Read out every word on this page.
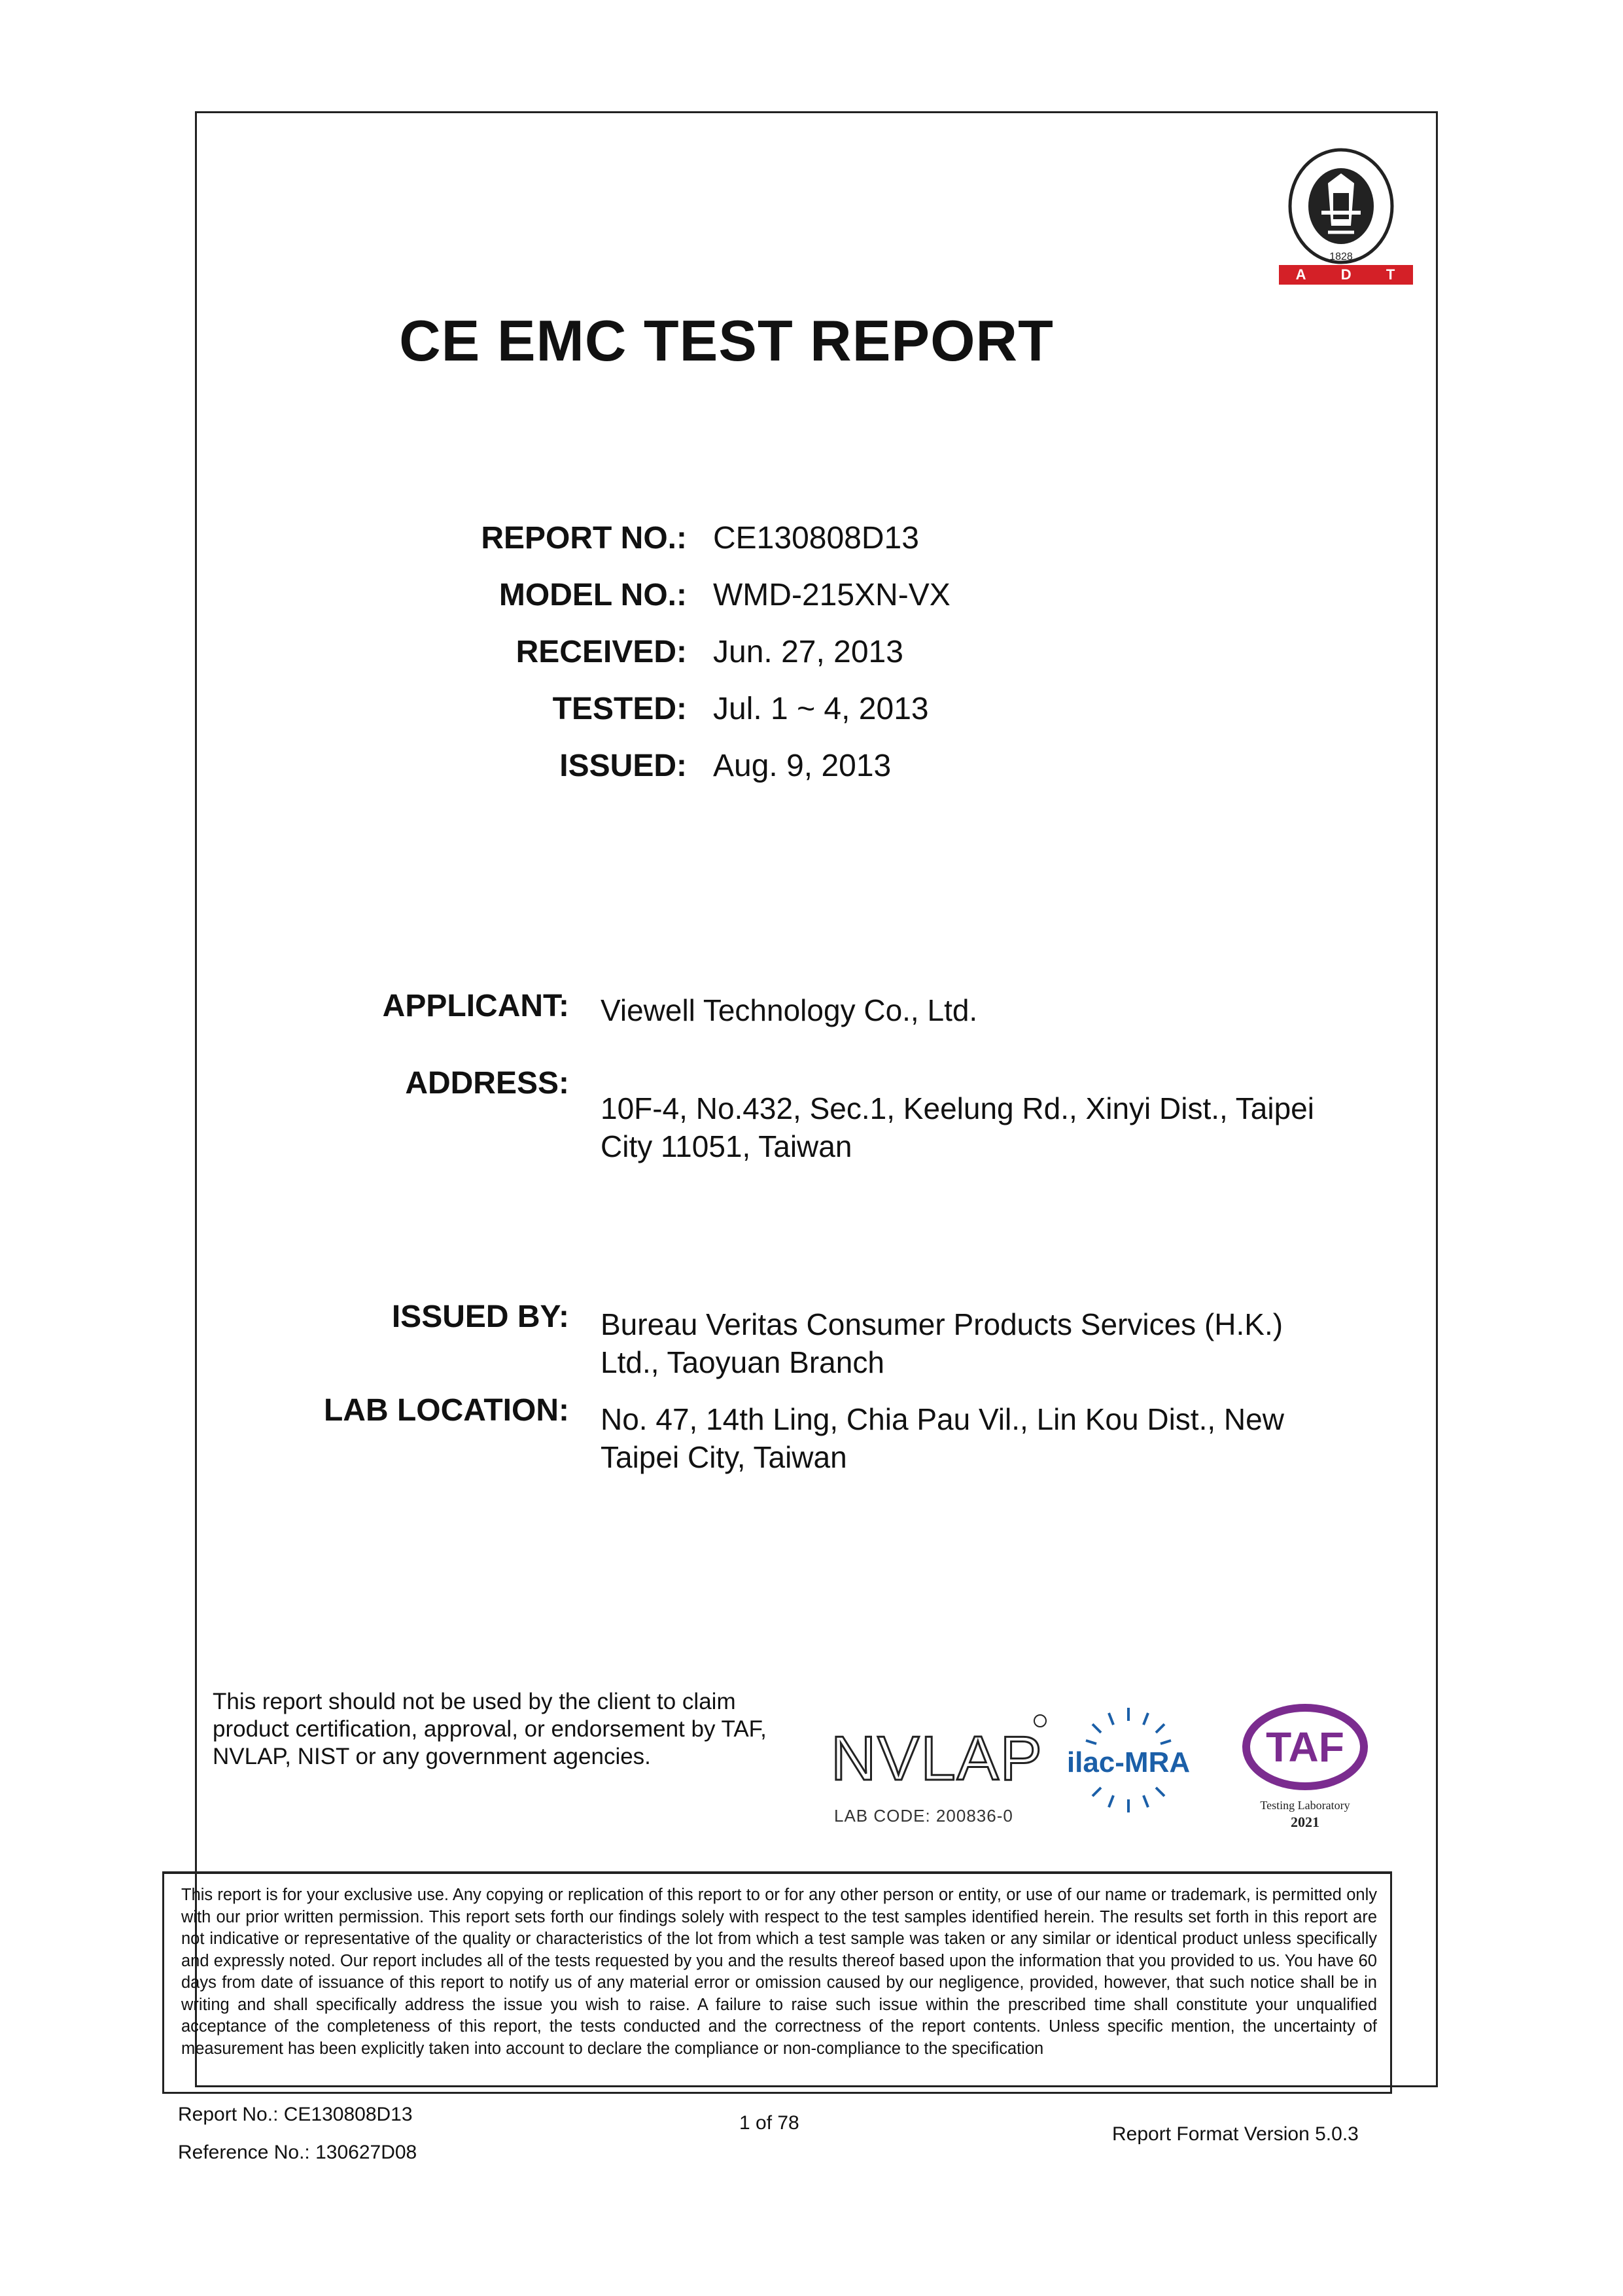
1828
A D T
CE EMC TEST REPORT
REPORT NO.: CE130808D13
MODEL NO.: WMD-215XN-VX
RECEIVED: Jun. 27, 2013
TESTED: Jul. 1 ~ 4, 2013
ISSUED: Aug. 9, 2013
APPLICANT: Viewell Technology Co., Ltd.
ADDRESS:
10F-4, No.432, Sec.1, Keelung Rd., Xinyi Dist., Taipei
City 11051, Taiwan
ISSUED BY: Bureau Veritas Consumer Products Services (H.K.)
Ltd., Taoyuan Branch
LAB LOCATION: No. 47, 14th Ling, Chia Pau Vil., Lin Kou Dist., New
Taipei City, Taiwan
This report should not be used by the client to claim product certification, approval, or endorsement by TAF, NVLAP, NIST or any government agencies.	NVLAP ilac-MRA TAF
Testing Laboratory
2021
LAB CODE: 200836-0
This report is for your exclusive use. Any copying or replication of this report to or for any other person or entity, or use of our name or trademark, is permitted only with our prior written permission. This report sets forth our findings solely with respect to the test samples identified herein. The results set forth in this report are not indicative or representative of the quality or characteristics of the lot from which a test sample was taken or any similar or identical product unless specifically and expressly noted. Our report includes all of the tests requested by you and the results thereof based upon the information that you provided to us. You have 60 days from date of issuance of this report to notify us of any material error or omission caused by our negligence, provided, however, that such notice shall be in writing and shall specifically address the issue you wish to raise. A failure to raise such issue within the prescribed time shall constitute your unqualified acceptance of the completeness of this report, the tests conducted and the correctness of the report contents. Unless specific mention, the uncertainty of measurement has been explicitly taken into account to declare the compliance or non-compliance to the specification
Report No.: CE130808D13
Reference No.: 130627D08
1 of 78
Report Format Version 5.0.3
